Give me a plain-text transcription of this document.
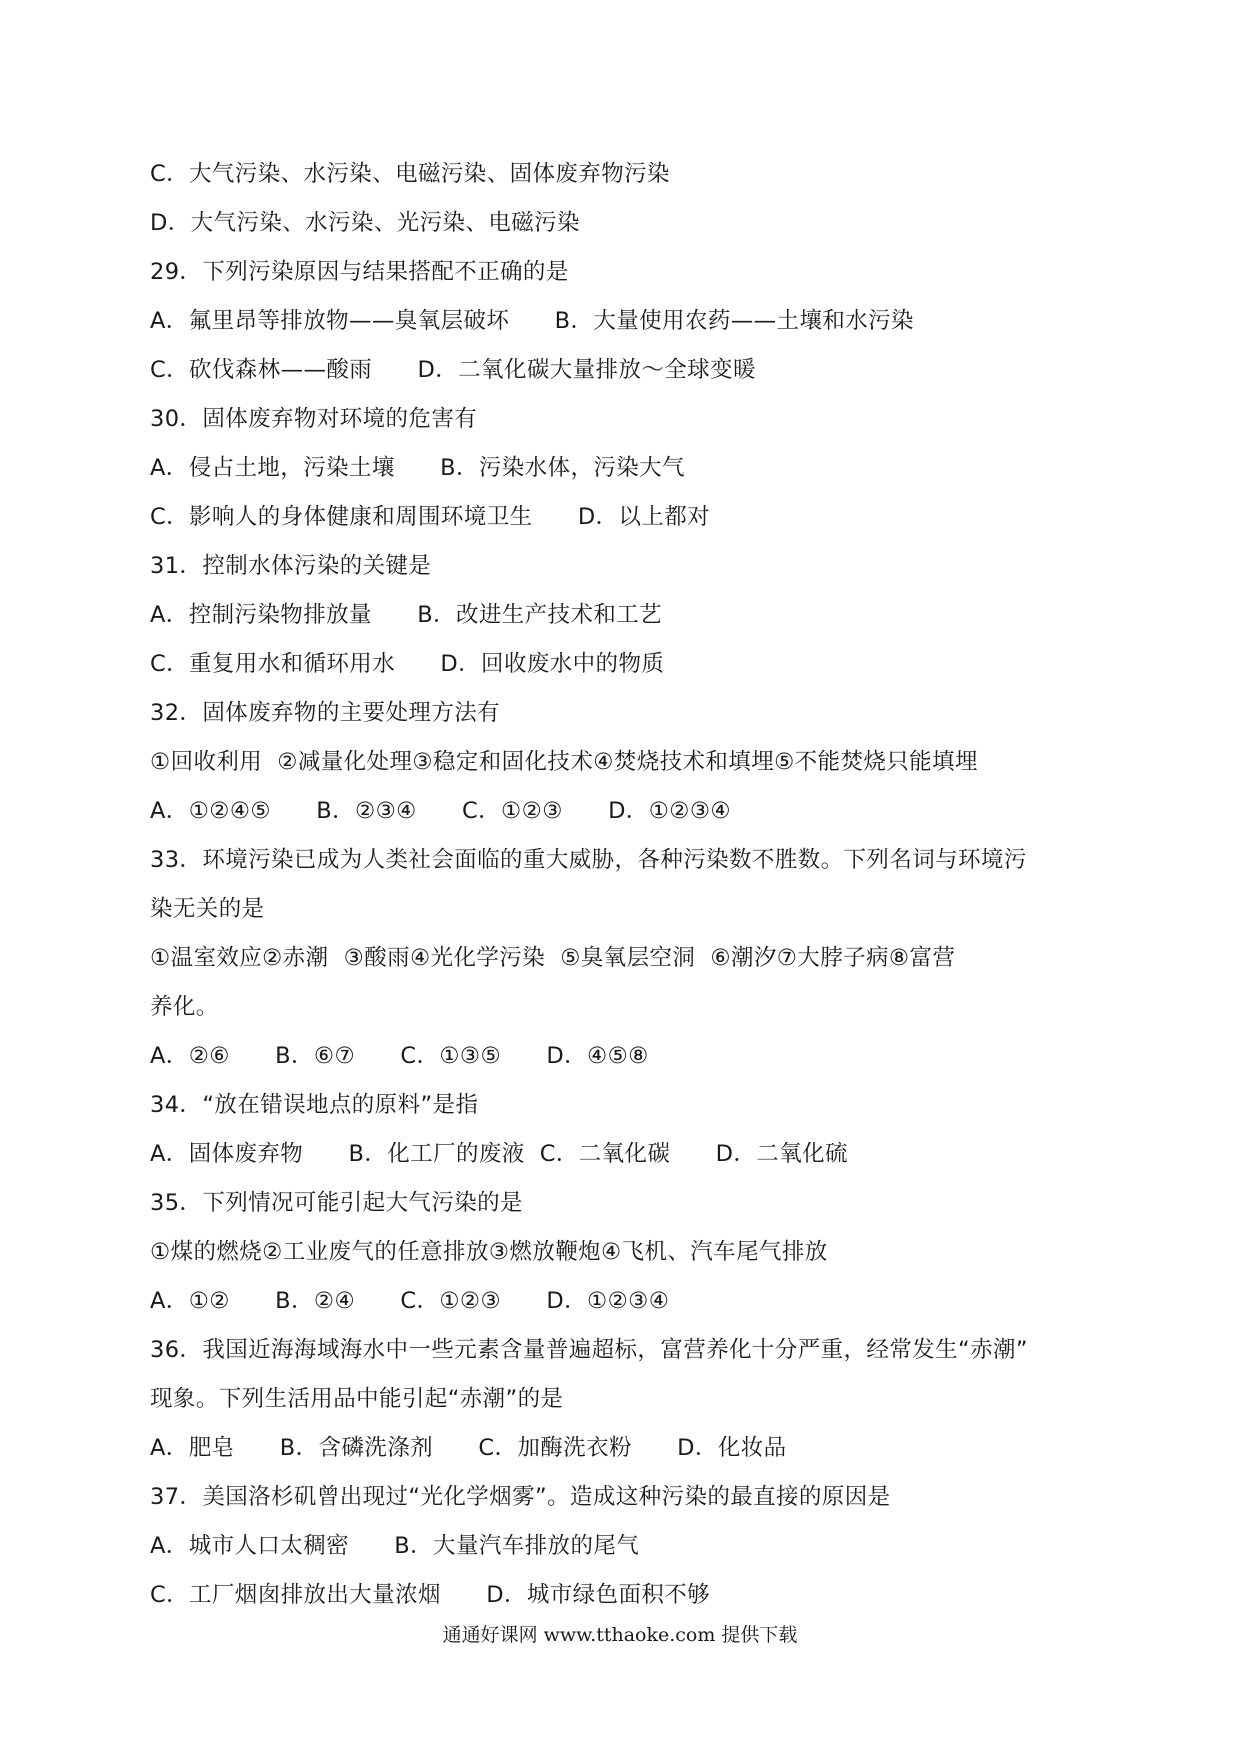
C．大气污染、水污染、电磁污染、固体废弃物污染
D．大气污染、水污染、光污染、电磁污染
29．下列污染原因与结果搭配不正确的是
A．氟里昂等排放物——臭氧层破坏      B．大量使用农药——土壤和水污染
C．砍伐森林——酸雨      D．二氧化碳大量排放～全球变暖
30．固体废弃物对环境的危害有
A．侵占土地，污染土壤      B．污染水体，污染大气
C．影响人的身体健康和周围环境卫生      D．以上都对
31．控制水体污染的关键是
A．控制污染物排放量      B．改进生产技术和工艺
C．重复用水和循环用水      D．回收废水中的物质
32．固体废弃物的主要处理方法有
①回收利用  ②减量化处理③稳定和固化技术④焚烧技术和填埋⑤不能焚烧只能填埋
A．①②④⑤      B．②③④      C．①②③      D．①②③④
33．环境污染已成为人类社会面临的重大威胁，各种污染数不胜数。下列名词与环境污
染无关的是
①温室效应②赤潮  ③酸雨④光化学污染  ⑤臭氧层空洞  ⑥潮汐⑦大脖子病⑧富营
养化。
A．②⑥      B．⑥⑦      C．①③⑤      D．④⑤⑧
34．“放在错误地点的原料”是指
A．固体废弃物      B．化工厂的废液  C．二氧化碳      D．二氧化硫
35．下列情况可能引起大气污染的是
①煤的燃烧②工业废气的任意排放③燃放鞭炮④飞机、汽车尾气排放
A．①②      B．②④      C．①②③      D．①②③④
36．我国近海海域海水中一些元素含量普遍超标，富营养化十分严重，经常发生“赤潮”
现象。下列生活用品中能引起“赤潮”的是
A．肥皂      B．含磷洗涤剂      C．加酶洗衣粉      D．化妆品
37．美国洛杉矶曾出现过“光化学烟雾”。造成这种污染的最直接的原因是
A．城市人口太稠密      B．大量汽车排放的尾气
C．工厂烟囱排放出大量浓烟      D．城市绿色面积不够
通通好课网 www.tthaoke.com 提供下载
